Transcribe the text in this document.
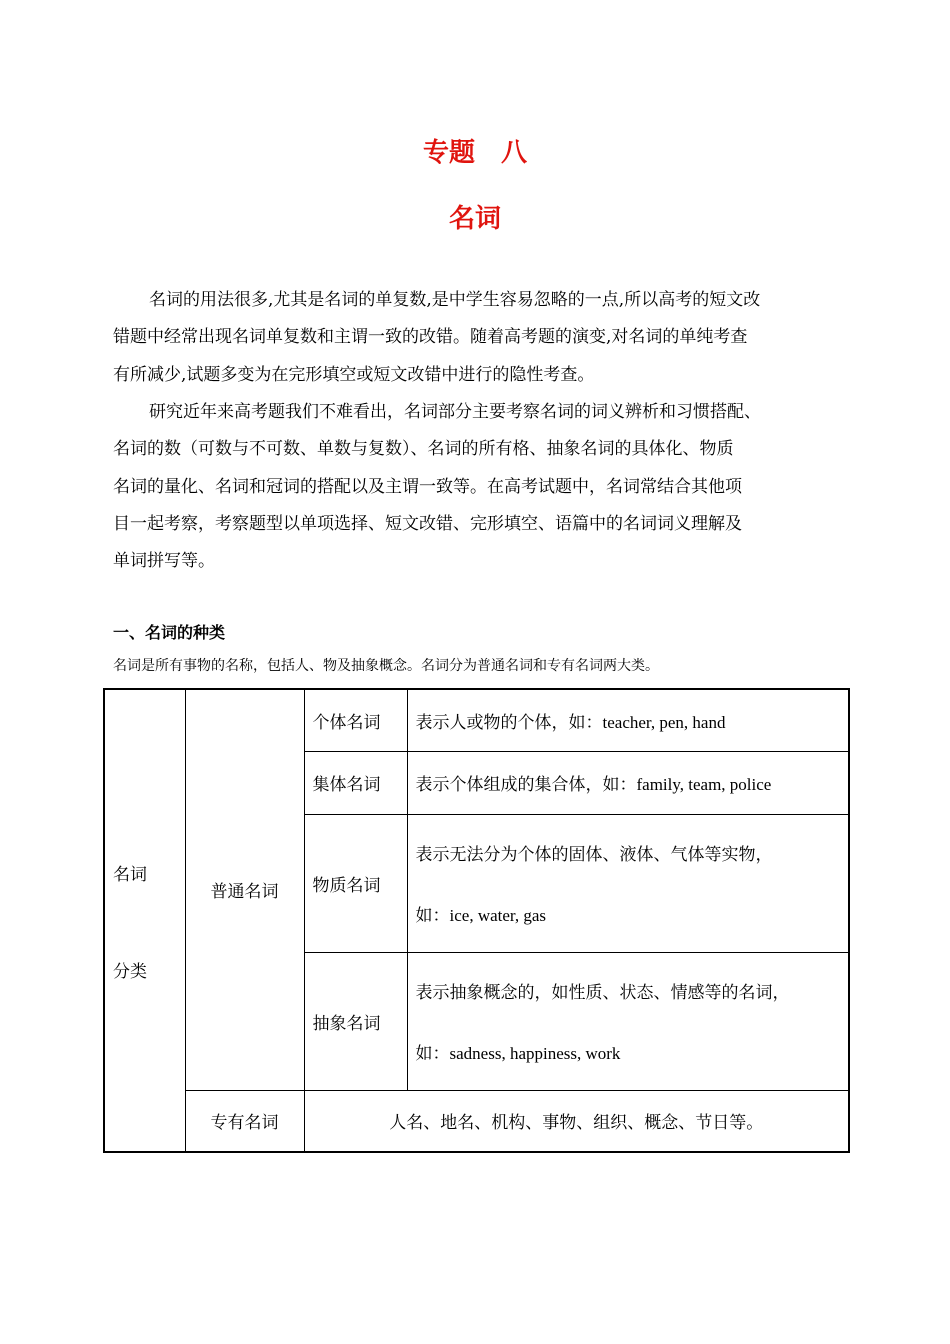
专题　八
名词
名词的用法很多,尤其是名词的单复数,是中学生容易忽略的一点,所以高考的短文改
错题中经常出现名词单复数和主谓一致的改错。随着高考题的演变,对名词的单纯考查
有所减少,试题多变为在完形填空或短文改错中进行的隐性考查。
研究近年来高考题我们不难看出，名词部分主要考察名词的词义辨析和习惯搭配、
名词的数（可数与不可数、单数与复数）、名词的所有格、抽象名词的具体化、物质
名词的量化、名词和冠词的搭配以及主谓一致等。在高考试题中，名词常结合其他项
目一起考察，考察题型以单项选择、短文改错、完形填空、语篇中的名词词义理解及
单词拼写等。
一、名词的种类
名词是所有事物的名称，包括人、物及抽象概念。名词分为普通名词和专有名词两大类。
名词
分类	普通名词	个体名词	表示人或物的个体，如：teacher, pen, hand
		集体名词	表示个体组成的集合体，如：family, team, police
		物质名词	表示无法分为个体的固体、液体、气体等实物，
如：ice, water, gas

		抽象名词	表示抽象概念的，如性质、状态、情感等的名词，
如：sadness, happiness, work

	专有名词	人名、地名、机构、事物、组织、概念、节日等。	
